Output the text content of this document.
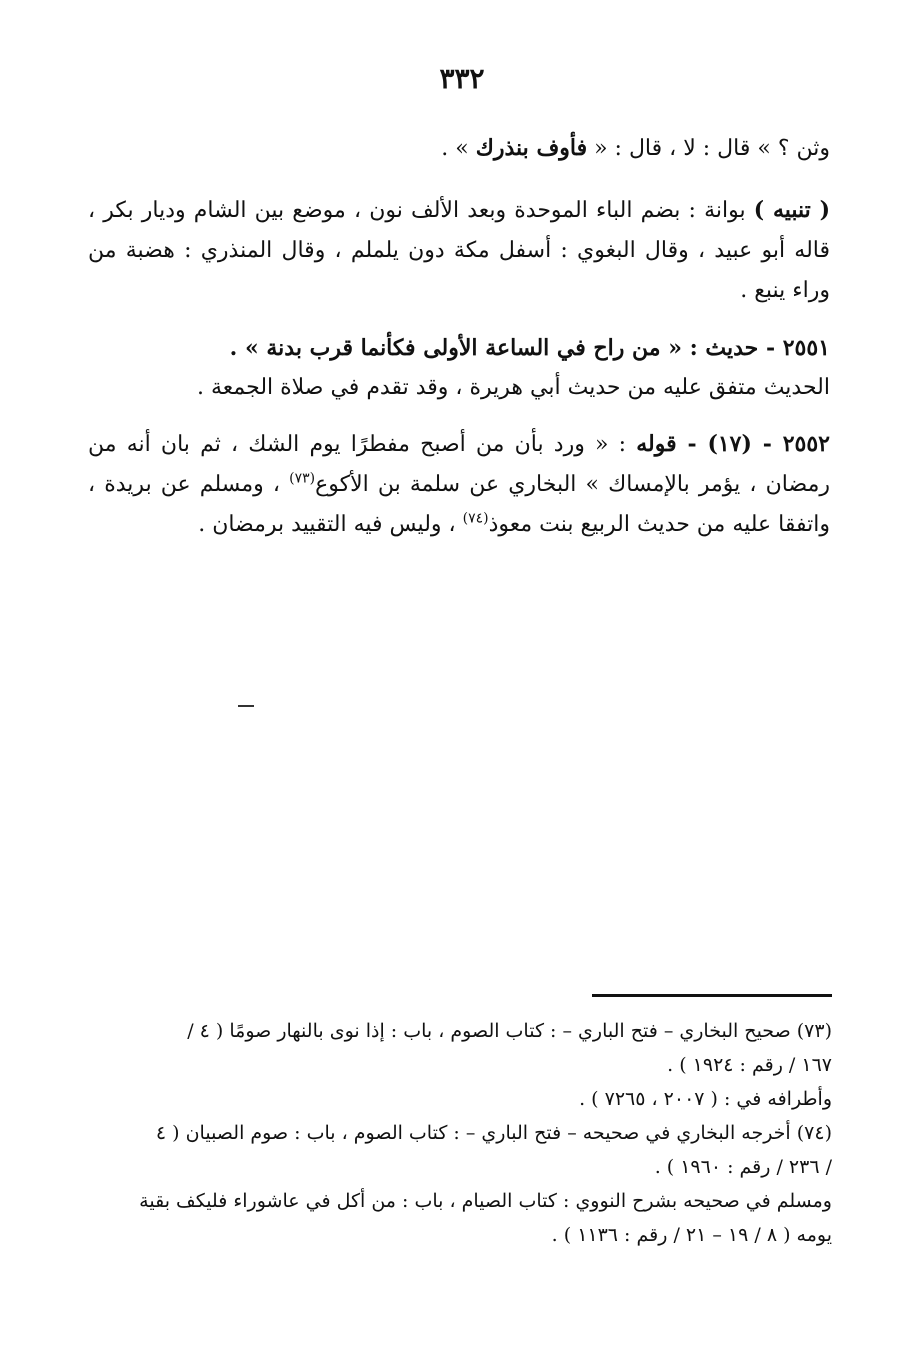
٣٣٢

وثن ؟ » قال : لا ، قال : « فأوف بنذرك » .

( تنبيه ) بوانة : بضم الباء الموحدة وبعد الألف نون ، موضع بين الشام وديار بكر ، قاله أبو عبيد ، وقال البغوي : أسفل مكة دون يلملم ، وقال المنذري : هضبة من وراء ينبع .

٢٥٥١ - حديث : « من راح في الساعة الأولى فكأنما قرب بدنة » .

الحديث متفق عليه من حديث أبي هريرة ، وقد تقدم في صلاة الجمعة .

٢٥٥٢ - (١٧) - قوله : « ورد بأن من أصبح مفطرًا يوم الشك ، ثم بان أنه من رمضان ، يؤمر بالإمساك » البخاري عن سلمة بن الأكوع$^{(٧٣)}$ ، ومسلم عن بريدة ، واتفقا عليه من حديث الربيع بنت معوذ$^{(٧٤)}$ ، وليس فيه التقييد برمضان .

(٧٣) صحيح البخاري – فتح الباري – : كتاب الصوم ، باب : إذا نوى بالنهار صومًا ( ٤ /

١٦٧ / رقم : ١٩٢٤ ) .

وأطرافه في : ( ٢٠٠٧ ، ٧٢٦٥ ) .

(٧٤) أخرجه البخاري في صحيحه – فتح الباري – : كتاب الصوم ، باب : صوم الصبيان ( ٤

/ ٢٣٦ / رقم : ١٩٦٠ ) .

ومسلم في صحيحه بشرح النووي : كتاب الصيام ، باب : من أكل في عاشوراء فليكف بقية

يومه ( ٨ / ١٩ – ٢١ / رقم : ١١٣٦ ) .
